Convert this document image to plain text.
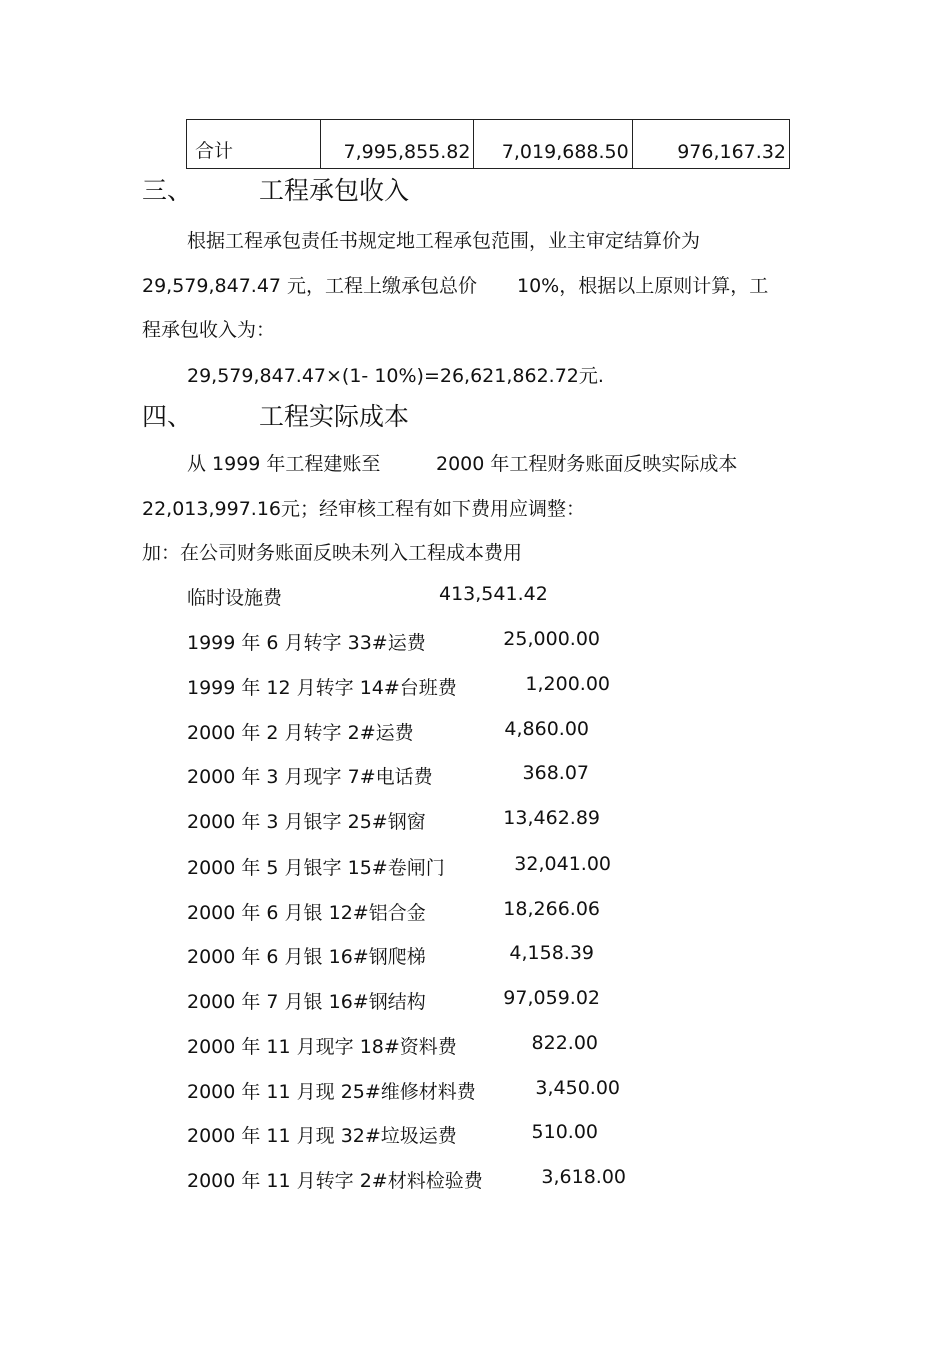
合计	7,995,855.82	7,019,688.50	976,167.32
三、	工程承包收入
根据工程承包责任书规定地工程承包范围，业主审定结算价为
29,579,847.47 元，工程上缴承包总价 10%，根据以上原则计算，工
程承包收入为：
29,579,847.47×(1- 10%)=26,621,862.72元.
四、	工程实际成本
从 1999 年工程建账至	2000 年工程财务账面反映实际成本
22,013,997.16元；经审核工程有如下费用应调整：
加：在公司财务账面反映未列入工程成本费用
临时设施费	413,541.42
1999 年 6 月转字 33#运费	25,000.00
1999 年 12 月转字 14#台班费	1,200.00
2000 年 2 月转字 2#运费	4,860.00
2000 年 3 月现字 7#电话费	368.07
2000 年 3 月银字 25#钢窗	13,462.89
2000 年 5 月银字 15#卷闸门	32,041.00
2000 年 6 月银 12#铝合金	18,266.06
2000 年 6 月银 16#钢爬梯	4,158.39
2000 年 7 月银 16#钢结构	97,059.02
2000 年 11 月现字 18#资料费	822.00
2000 年 11 月现 25#维修材料费	3,450.00
2000 年 11 月现 32#垃圾运费	510.00
2000 年 11 月转字 2#材料检验费	3,618.00
